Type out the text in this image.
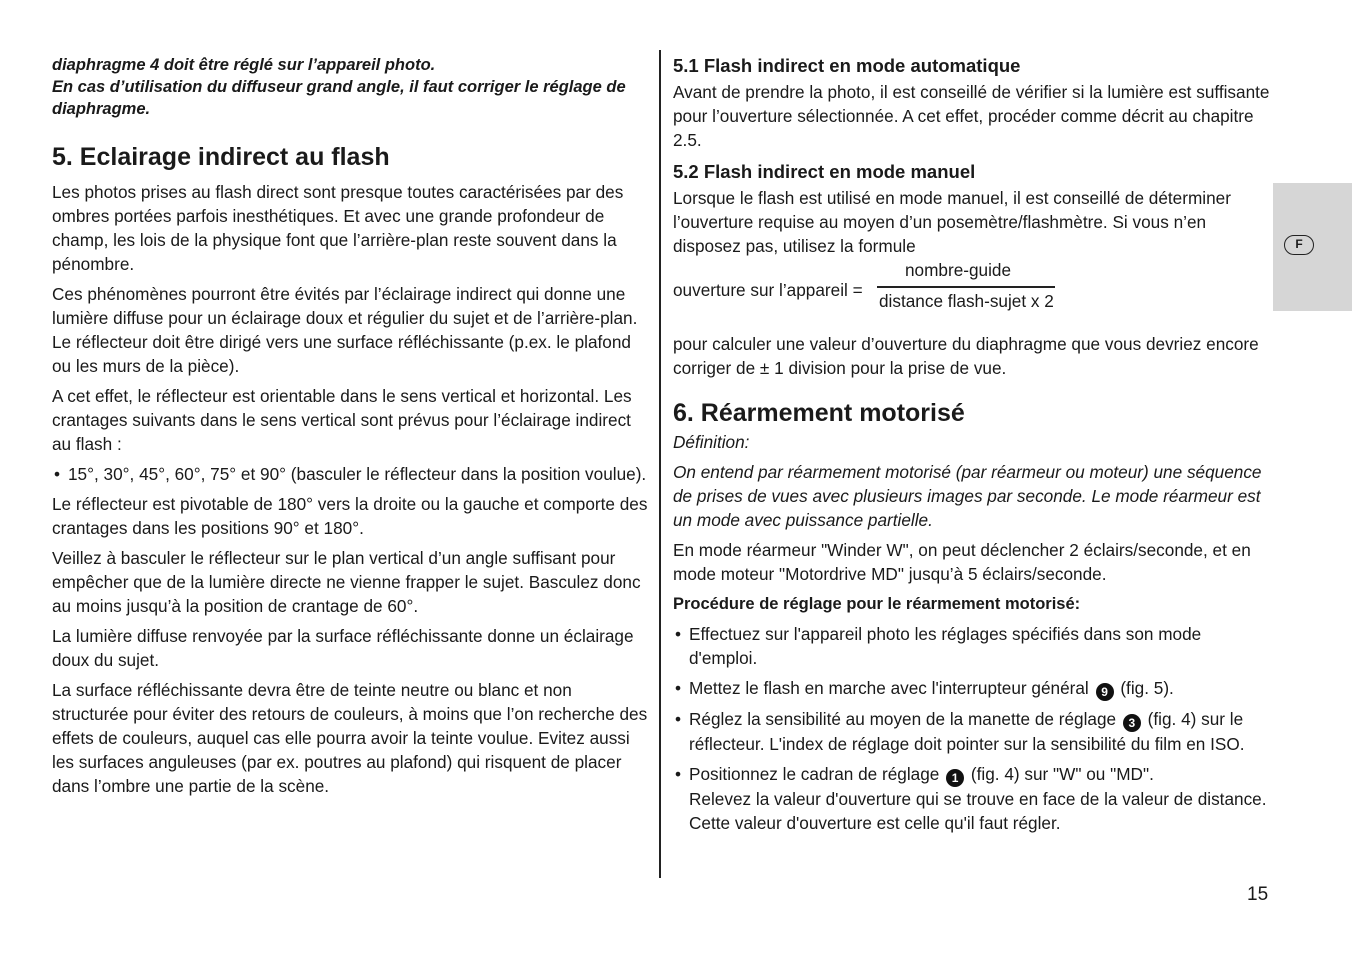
diaphragme 4 doit être réglé sur l’appareil photo.

En cas d’utilisation du diffuseur grand angle, il faut corriger le réglage de diaphragme.

5. Eclairage indirect au flash

Les photos prises au flash direct sont presque toutes caractérisées par des ombres portées parfois inesthétiques. Et avec une grande profondeur de champ, les lois de la physique font que l’arrière-plan reste souvent dans la pénombre.

Ces phénomènes pourront être évités par l’éclairage indirect qui donne une lumière diffuse pour un éclairage doux et régulier du sujet et de l’arrière-plan. Le réflecteur doit être dirigé vers une surface réfléchissante (p.ex. le plafond ou les murs de la pièce).

A cet effet, le réflecteur est orientable dans le sens vertical et horizontal. Les crantages suivants dans le sens vertical sont prévus pour l’éclairage indirect au flash :

• 15°, 30°, 45°, 60°, 75° et 90° (basculer le réflecteur dans la position voulue).

Le réflecteur est pivotable de 180° vers la droite ou la gauche et comporte des crantages dans les positions 90° et 180°.

Veillez à basculer le réflecteur sur le plan vertical d’un angle suffisant pour empêcher que de la lumière directe ne vienne frapper le sujet. Basculez donc au moins jusqu’à la position de crantage de 60°.

La lumière diffuse renvoyée par la surface réfléchissante donne un éclairage doux du sujet.

La surface réfléchissante devra être de teinte neutre ou blanc et non structurée pour éviter des retours de couleurs, à moins que l’on recherche des effets de couleurs, auquel cas elle pourra avoir la teinte voulue. Evitez aussi les surfaces anguleuses (par ex. poutres au plafond) qui risquent de placer dans l’ombre une partie de la scène.

5.1 Flash indirect en mode automatique

Avant de prendre la photo, il est conseillé de vérifier si la lumière est suffisante pour l’ouverture sélectionnée. A cet effet, procéder comme décrit au chapitre 2.5.

5.2 Flash indirect en mode manuel

Lorsque le flash est utilisé en mode manuel, il est conseillé de déterminer l’ouverture requise au moyen d’un posemètre/flashmètre. Si vous n’en disposez pas, utilisez la formule

ouverture sur l’appareil =
nombre-guide
distance flash-sujet x 2

pour calculer une valeur d’ouverture du diaphragme que vous devriez encore corriger de ± 1 division pour la prise de vue.

6. Réarmement motorisé

Définition:

On entend par réarmement motorisé (par réarmeur ou moteur) une séquence de prises de vues avec plusieurs images par seconde. Le mode réarmeur est un mode avec puissance partielle.

En mode réarmeur "Winder W", on peut déclencher 2 éclairs/seconde, et en mode moteur "Motordrive MD" jusqu’à 5 éclairs/seconde.

Procédure de réglage pour le réarmement motorisé:

• Effectuez sur l'appareil photo les réglages spécifiés dans son mode d'emploi.
• Mettez le flash en marche avec l'interrupteur général 9 (fig. 5).
• Réglez la sensibilité au moyen de la manette de réglage 3 (fig. 4) sur le réflecteur. L'index de réglage doit pointer sur la sensibilité du film en ISO.
• Positionnez le cadran de réglage 1 (fig. 4) sur "W" ou "MD".
Relevez la valeur d'ouverture qui se trouve en face de la valeur de distance. Cette valeur d'ouverture est celle qu'il faut régler.
F
15
